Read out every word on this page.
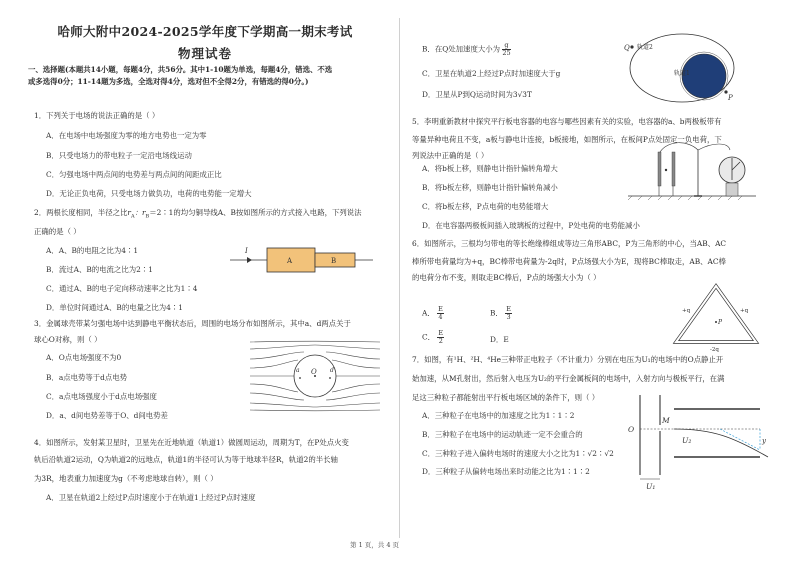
哈师大附中2024-2025学年度下学期高一期末考试
物理试卷
一、选择题(本题共14小题，每题4分，共56分。其中1-10题为单选，每题4分，错选、不选
或多选得0分；11-14题为多选，全选对得4分，选对但不全得2分，有错选的得0分。)
1．下列关于电场的说法正确的是（ ）
A．在电场中电场强度为零的地方电势也一定为零
B．只受电场力的带电粒子一定沿电场线运动
C．匀强电场中两点间的电势差与两点间的间距成正比
D．无论正负电荷，只受电场力做负功，电荷的电势能一定增大
2．两根长度相同，半径之比$r_A$：$r_B=2∶1$的均匀铜导线A、B按如图所示的方式接入电路，下列说法
正确的是（ ）
A．A、B的电阻之比为4∶1
B．流过A、B的电流之比为2∶1
C．通过A、B的电子定向移动速率之比为1∶4
D．单位时间通过A、B的电量之比为4∶1
I
A	B
3．金属球壳带某匀强电场中达到静电平衡状态后，周围的电场分布如图所示，其中a、d两点关于
球心O对称，则（ ）
A．O点电场强度不为0
B．a点电势等于d点电势
C．a点电场强度小于d点电场强度
D．a、d间电势差等于O、d间电势差
O
a	d
4．如图所示，发射某卫星时，卫星先在近地轨道（轨道1）做圆周运动，周期为T，在P处点火变
轨后沿轨道2运动，Q为轨道2的远地点，轨道1的半径可认为等于地球半径R，轨道2的半长轴
为3R，地表重力加速度为g（不考虑地球自转），则（ ）
A．卫星在轨道2上经过P点时速度小于在轨道1上经过P点时速度
B．在Q处加速度大小为 $\frac{g}{25}$
C．卫星在轨道2上经过P点时加速度大于g
D．卫星从P到Q运动时间为3√3T
Q 轨道2
轨道1
P
5．李明重新教材中探究平行板电容器的电容与哪些因素有关的实验，电容器的a、b两极板带有
等量异种电荷且不变，a板与静电计连接，b板接地，如图所示，在板间P点处固定一负电荷，下
列说法中正确的是（ ）
A．将b板上移，则静电计指针偏转角增大
B．将b板左移，则静电计指针偏转角减小
C．将b板左移，P点电荷的电势能增大
D．在电容器两极板间插入玻璃板的过程中，P处电荷的电势能减小
6．如图所示，三根均匀带电的等长绝缘棒组成等边三角形ABC，P为三角形的中心，当AB、AC
棒所带电荷量均为+q，BC棒带电荷量为-2q时，P点场强大小为E，现将BC棒取走，AB、AC棒
的电荷分布不变，则取走BC棒后，P点的场强大小为（ ）
A． $\frac{E}{4}$	B． $\frac{E}{3}$
C． $\frac{E}{2}$	D．E
P
+q	+q
-2q
7．如图，有¹H、²H、⁴He三种带正电粒子（不计重力）分别在电压为U₁的电场中的O点静止开
始加速，从M孔射出，然后射入电压为U₂的平行金属板间的电场中，入射方向与极板平行，在满
足这三种粒子都能射出平行板电场区域的条件下，则（ ）
A．三种粒子在电场中的加速度之比为1∶1∶2
B．三种粒子在电场中的运动轨迹一定不会重合的
C．三种粒子进入偏转电场时的速度大小之比为1∶√2∶√2
D．三种粒子从偏转电场出来时动能之比为1∶1∶2
O
M
U₂
U₁
y
第 1 页，共 4 页
